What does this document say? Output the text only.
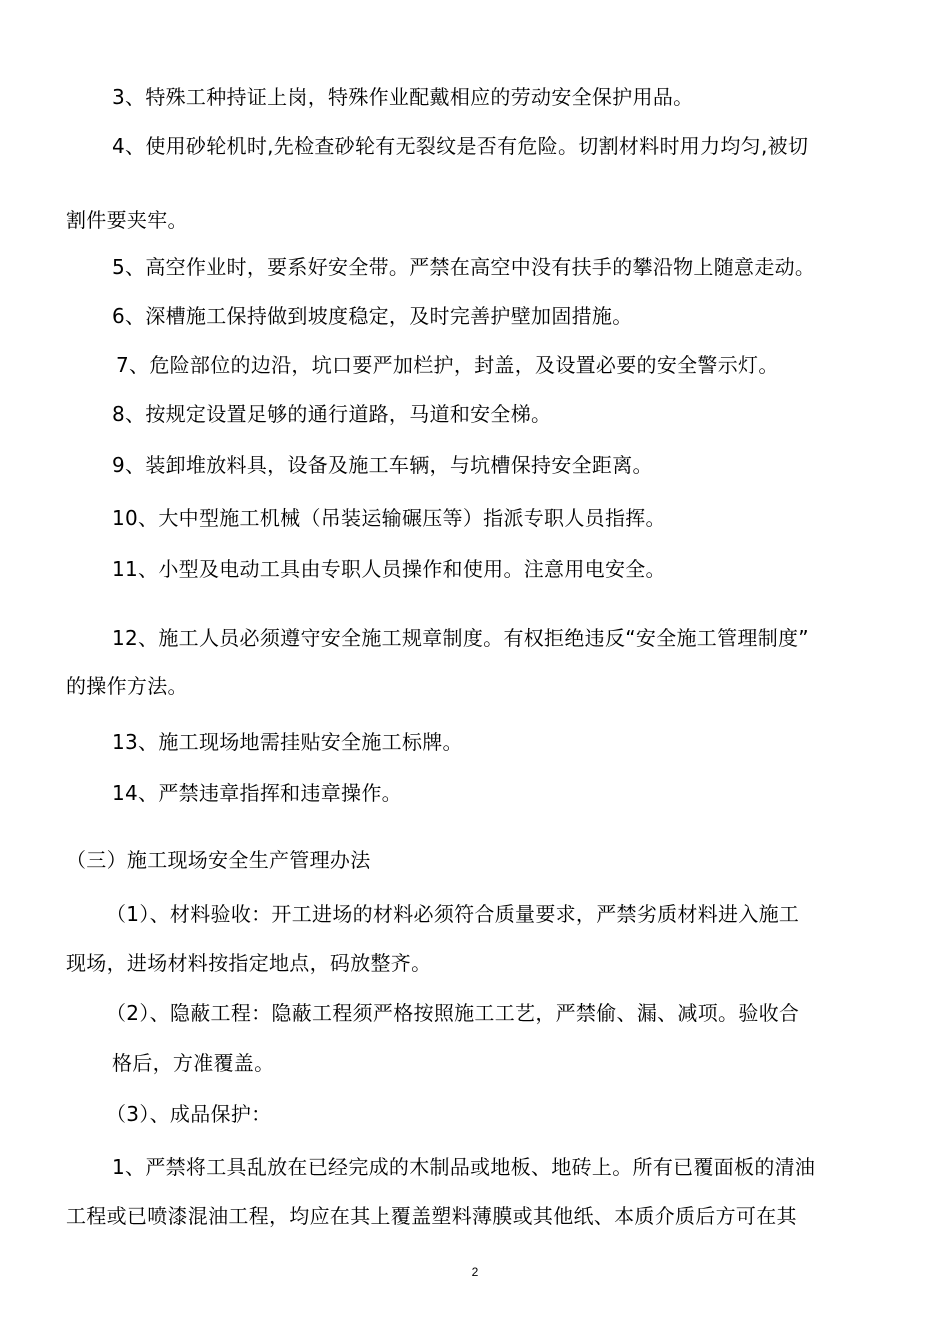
3、特殊工种持证上岗，特殊作业配戴相应的劳动安全保护用品。
4、使用砂轮机时,先检查砂轮有无裂纹是否有危险。切割材料时用力均匀,被切
割件要夹牢。
5、高空作业时，要系好安全带。严禁在高空中没有扶手的攀沿物上随意走动。
6、深槽施工保持做到坡度稳定，及时完善护壁加固措施。
7、危险部位的边沿，坑口要严加栏护，封盖，及设置必要的安全警示灯。
8、按规定设置足够的通行道路，马道和安全梯。
9、装卸堆放料具，设备及施工车辆，与坑槽保持安全距离。
10、大中型施工机械（吊装运输碾压等）指派专职人员指挥。
11、小型及电动工具由专职人员操作和使用。注意用电安全。
12、施工人员必须遵守安全施工规章制度。有权拒绝违反“安全施工管理制度”
的操作方法。
13、施工现场地需挂贴安全施工标牌。
14、严禁违章指挥和违章操作。
（三）施工现场安全生产管理办法
（1）、材料验收：开工进场的材料必须符合质量要求，严禁劣质材料进入施工
现场，进场材料按指定地点，码放整齐。
（2）、隐蔽工程：隐蔽工程须严格按照施工工艺，严禁偷、漏、减项。验收合
格后，方准覆盖。
（3）、成品保护：
1、严禁将工具乱放在已经完成的木制品或地板、地砖上。所有已覆面板的清油
工程或已喷漆混油工程，均应在其上覆盖塑料薄膜或其他纸、本质介质后方可在其
2
